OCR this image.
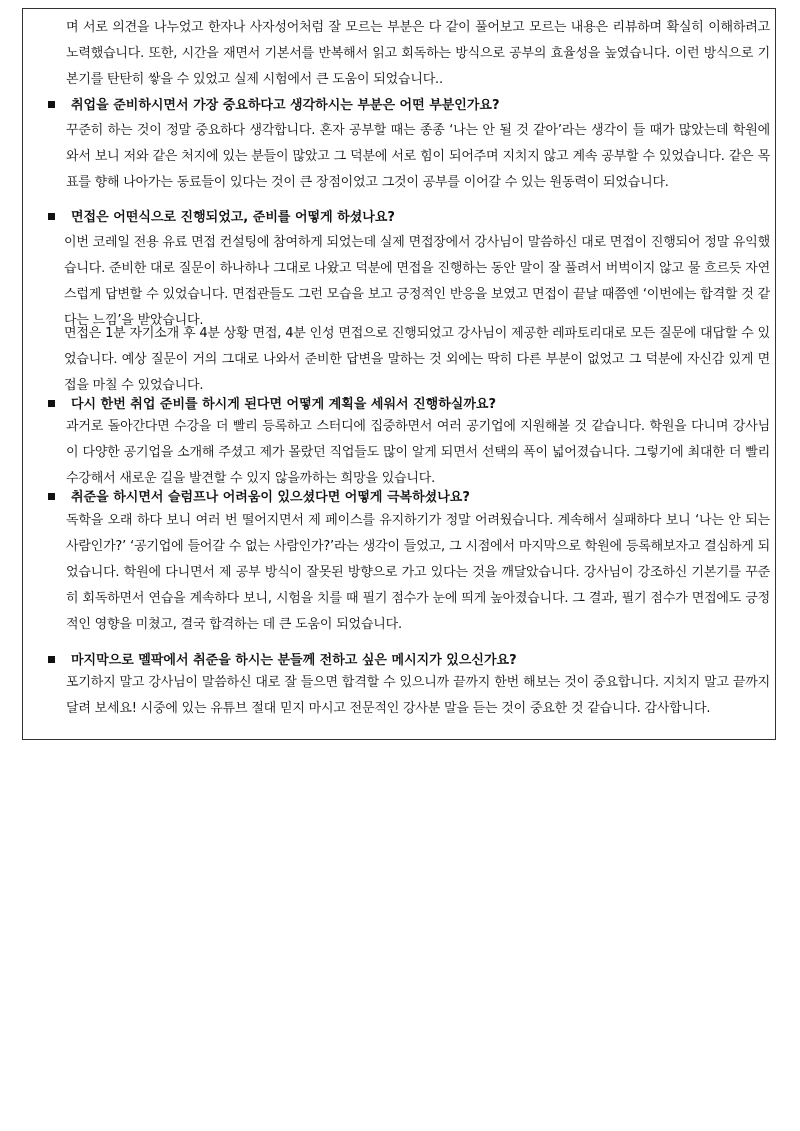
며 서로 의견을 나누었고 한자나 사자성어처럼 잘 모르는 부분은 다 같이 풀어보고 모르는 내용은 리뷰하며 확실히 이해하려고 노력했습니다. 또한, 시간을 재면서 기본서를 반복해서 읽고 회독하는 방식으로 공부의 효율성을 높였습니다. 이런 방식으로 기본기를 탄탄히 쌓을 수 있었고 실제 시험에서 큰 도움이 되었습니다..
취업을 준비하시면서 가장 중요하다고 생각하시는 부분은 어떤 부분인가요?
꾸준히 하는 것이 정말 중요하다 생각합니다. 혼자 공부할 때는 종종 ‘나는 안 될 것 같아’라는 생각이 들 때가 많았는데 학원에 와서 보니 저와 같은 처지에 있는 분들이 많았고 그 덕분에 서로 힘이 되어주며 지치지 않고 계속 공부할 수 있었습니다. 같은 목표를 향해 나아가는 동료들이 있다는 것이 큰 장점이었고 그것이 공부를 이어갈 수 있는 원동력이 되었습니다.
면접은 어떤식으로 진행되었고, 준비를 어떻게 하셨나요?
이번 코레일 전용 유료 면접 컨설팅에 참여하게 되었는데 실제 면접장에서 강사님이 말씀하신 대로 면접이 진행되어 정말 유익했습니다. 준비한 대로 질문이 하나하나 그대로 나왔고 덕분에 면접을 진행하는 동안 말이 잘 풀려서 버벅이지 않고 물 흐르듯 자연스럽게 답변할 수 있었습니다. 면접관들도 그런 모습을 보고 긍정적인 반응을 보였고 면접이 끝날 때쯤엔 ‘이번에는 합격할 것 같다는 느낌’을 받았습니다.
면접은 1분 자기소개 후 4분 상황 면접, 4분 인성 면접으로 진행되었고 강사님이 제공한 레파토리대로 모든 질문에 대답할 수 있었습니다. 예상 질문이 거의 그대로 나와서 준비한 답변을 말하는 것 외에는 딱히 다른 부분이 없었고 그 덕분에 자신감 있게 면접을 마칠 수 있었습니다.
다시 한번 취업 준비를 하시게 된다면 어떻게 계획을 세워서 진행하실까요?
과거로 돌아간다면 수강을 더 빨리 등록하고 스터디에 집중하면서 여러 공기업에 지원해볼 것 같습니다. 학원을 다니며 강사님이 다양한 공기업을 소개해 주셨고 제가 몰랐던 직업들도 많이 알게 되면서 선택의 폭이 넓어졌습니다. 그렇기에 최대한 더 빨리 수강해서 새로운 길을 발견할 수 있지 않을까하는 희망을 있습니다.
취준을 하시면서 슬럼프나 어려움이 있으셨다면 어떻게 극복하셨나요?
독학을 오래 하다 보니 여러 번 떨어지면서 제 페이스를 유지하기가 정말 어려웠습니다. 계속해서 실패하다 보니 ‘나는 안 되는 사람인가?’ ‘공기업에 들어갈 수 없는 사람인가?’라는 생각이 들었고, 그 시점에서 마지막으로 학원에 등록해보자고 결심하게 되었습니다. 학원에 다니면서 제 공부 방식이 잘못된 방향으로 가고 있다는 것을 깨달았습니다. 강사님이 강조하신 기본기를 꾸준히 회독하면서 연습을 계속하다 보니, 시험을 치를 때 필기 점수가 눈에 띄게 높아졌습니다. 그 결과, 필기 점수가 면접에도 긍정적인 영향을 미쳤고, 결국 합격하는 데 큰 도움이 되었습니다.
마지막으로 멜팍에서 취준을 하시는 분들께 전하고 싶은 메시지가 있으신가요?
포기하지 말고 강사님이 말씀하신 대로 잘 들으면 합격할 수 있으니까 끝까지 한번 해보는 것이 중요합니다. 지치지 말고 끝까지 달려 보세요! 시중에 있는 유튜브 절대 믿지 마시고 전문적인 강사분 말을 듣는 것이 중요한 것 같습니다. 감사합니다.
